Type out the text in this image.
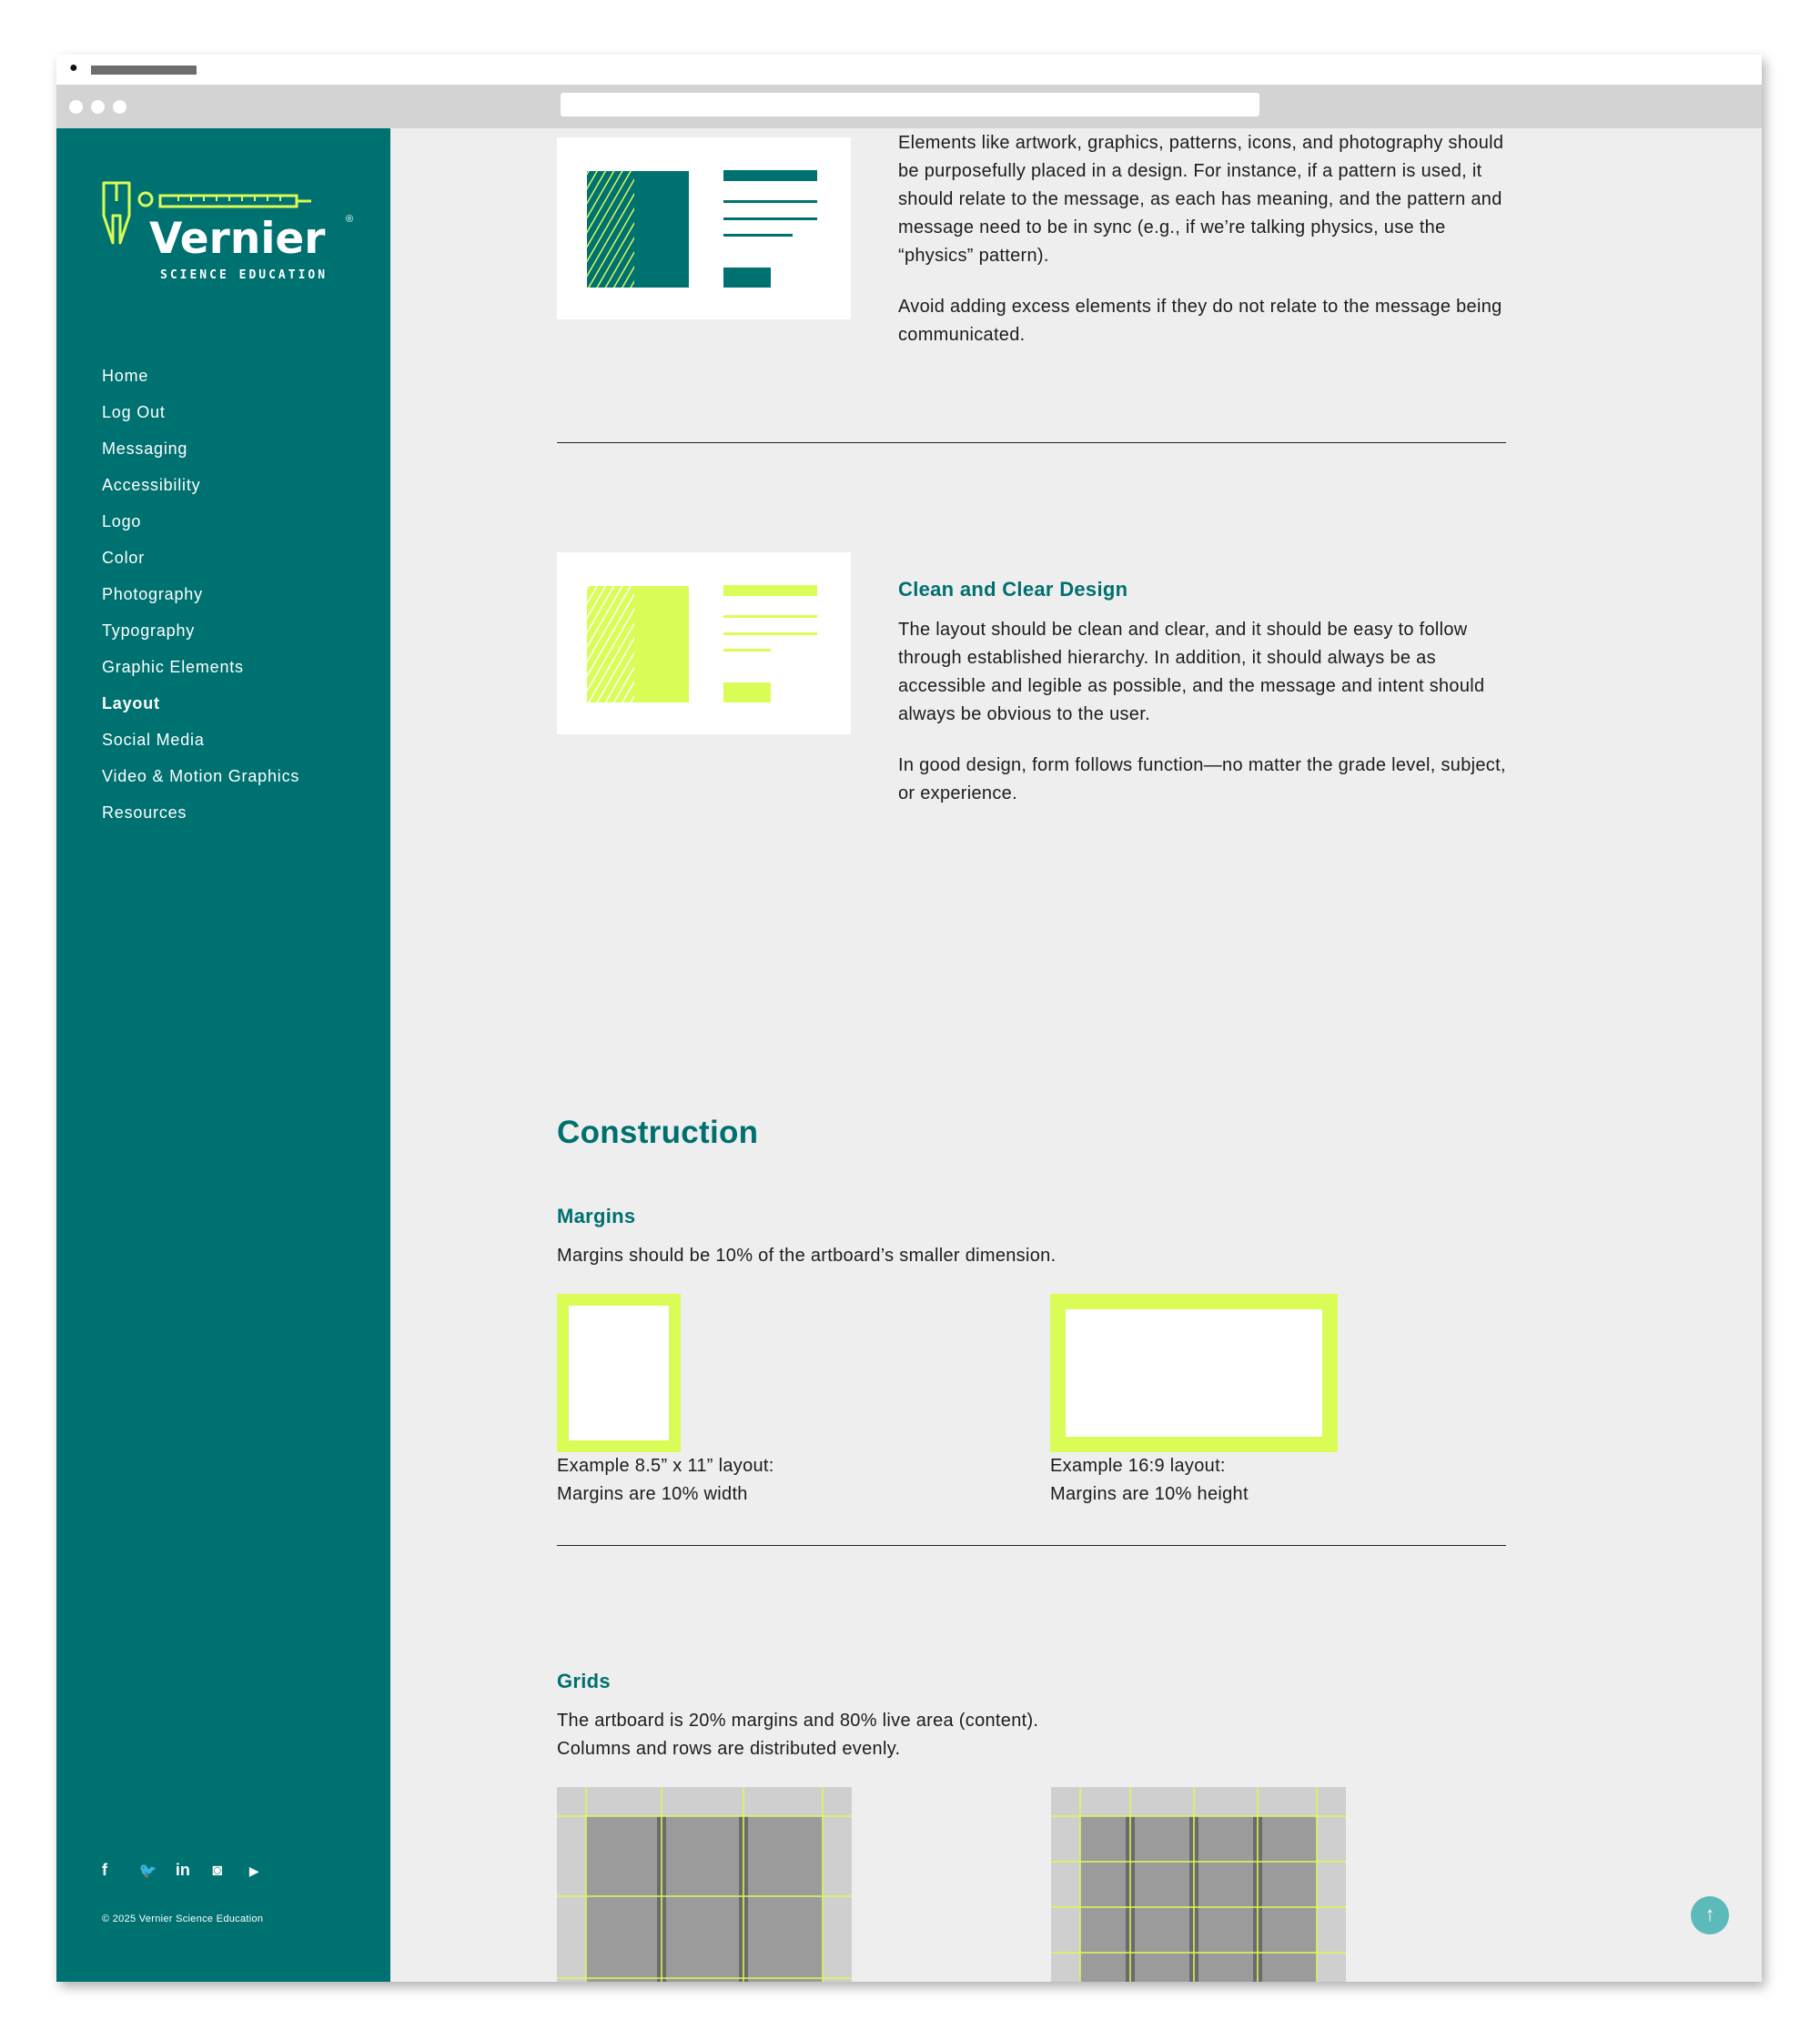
●
Vernier ®
SCIENCE EDUCATION
Home
Log Out
Messaging
Accessibility
Logo
Color
Photography
Typography
Graphic Elements
Layout
Social Media
Video & Motion Graphics
Resources
f 🐦 in ◙ ▶
© 2025 Vernier Science Education

Elements like artwork, graphics, patterns, icons, and photography should be purposefully placed in a design. For instance, if a pattern is used, it should relate to the message, as each has meaning, and the pattern and message need to be in sync (e.g., if we’re talking physics, use the “physics” pattern).

Avoid adding excess elements if they do not relate to the message being communicated.

Clean and Clear Design

The layout should be clean and clear, and it should be easy to follow through established hierarchy. In addition, it should always be as accessible and legible as possible, and the message and intent should always be obvious to the user.

In good design, form follows function—no matter the grade level, subject, or experience.

Construction
Margins
Margins should be 10% of the artboard’s smaller dimension.
Example 8.5” x 11” layout:
Margins are 10% width
Example 16:9 layout:
Margins are 10% height
Grids
The artboard is 20% margins and 80% live area (content).
Columns and rows are distributed evenly.
↑
